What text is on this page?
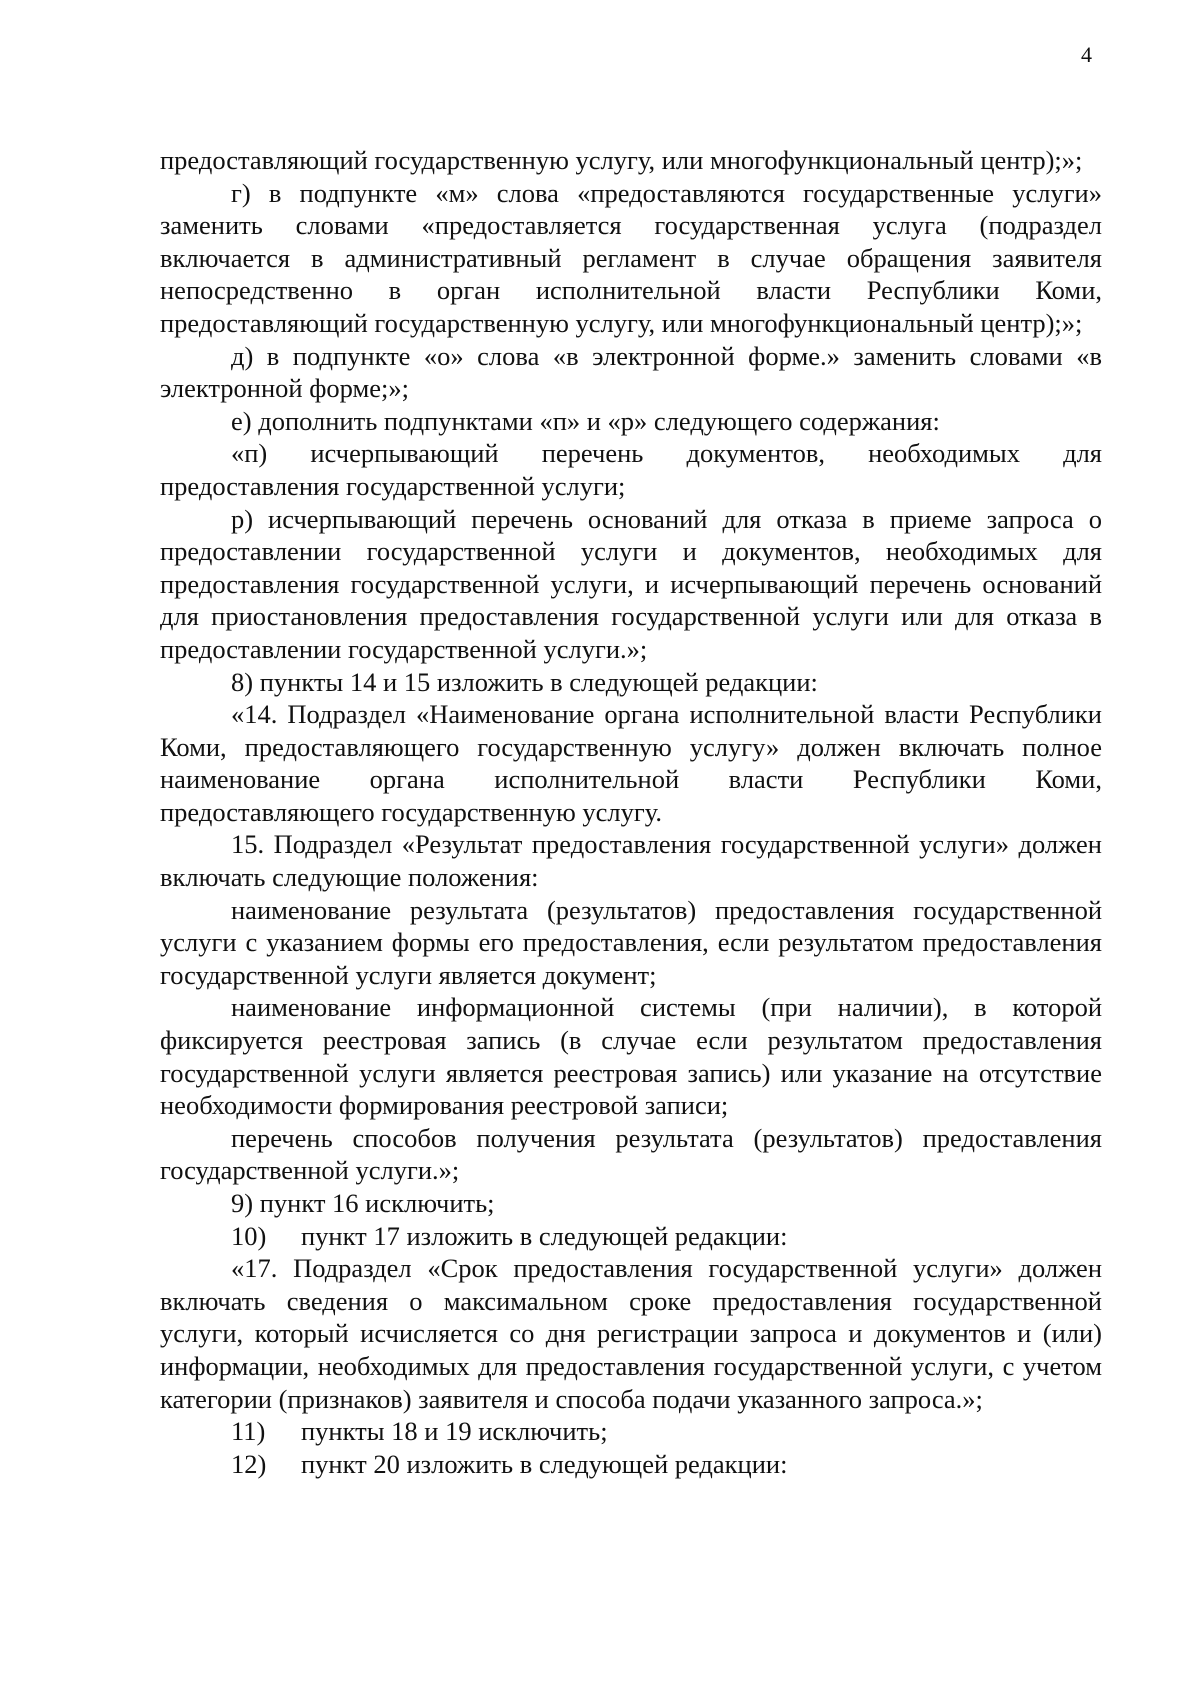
4

предоставляющий государственную услугу, или многофункциональный центр);»;

г) в подпункте «м» слова «предоставляются государственные услуги» заменить словами «предоставляется государственная услуга (подраздел включается в административный регламент в случае обращения заявителя непосредственно в орган исполнительной власти Республики Коми, предоставляющий государственную услугу, или многофункциональный центр);»;

д) в подпункте «о» слова «в электронной форме.» заменить словами «в электронной форме;»;

е) дополнить подпунктами «п» и «р» следующего содержания:

«п) исчерпывающий перечень документов, необходимых для предоставления государственной услуги;

р) исчерпывающий перечень оснований для отказа в приеме запроса о предоставлении государственной услуги и документов, необходимых для предоставления государственной услуги, и исчерпывающий перечень оснований для приостановления предоставления государственной услуги или для отказа в предоставлении государственной услуги.»;

8) пункты 14 и 15 изложить в следующей редакции:

«14. Подраздел «Наименование органа исполнительной власти Республики Коми, предоставляющего государственную услугу» должен включать полное наименование органа исполнительной власти Республики Коми, предоставляющего государственную услугу.

15. Подраздел «Результат предоставления государственной услуги» должен включать следующие положения:

наименование результата (результатов) предоставления государственной услуги с указанием формы его предоставления, если результатом предоставления государственной услуги является документ;

наименование информационной системы (при наличии), в которой фиксируется реестровая запись (в случае если результатом предоставления государственной услуги является реестровая запись) или указание на отсутствие необходимости формирования реестровой записи;

перечень способов получения результата (результатов) предоставления государственной услуги.»;

9) пункт 16 исключить;

10) пункт 17 изложить в следующей редакции:

«17. Подраздел «Срок предоставления государственной услуги» должен включать сведения о максимальном сроке предоставления государственной услуги, который исчисляется со дня регистрации запроса и документов и (или) информации, необходимых для предоставления государственной услуги, с учетом категории (признаков) заявителя и способа подачи указанного запроса.»;

11) пункты 18 и 19 исключить;

12) пункт 20 изложить в следующей редакции:
